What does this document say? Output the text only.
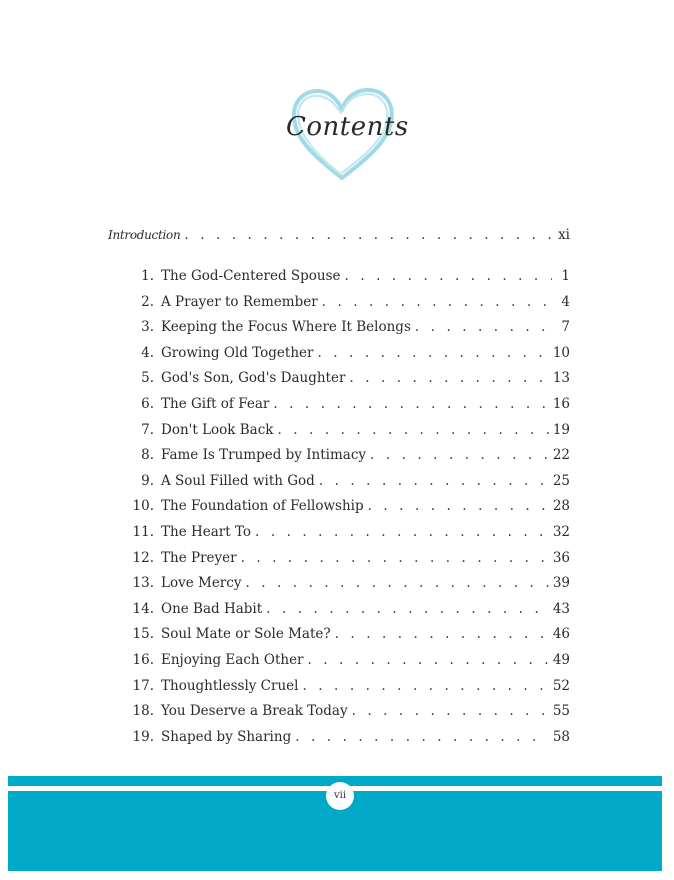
Contents
Introduction . . .	xi
1. The God-Centered Spouse . . .	1
2. A Prayer to Remember . . .	4
3. Keeping the Focus Where It Belongs . . .	7
4. Growing Old Together . . .	10
5. God's Son, God's Daughter . . .	13
6. The Gift of Fear . . .	16
7. Don't Look Back . . .	19
8. Fame Is Trumped by Intimacy . . .	22
9. A Soul Filled with God . . .	25
10. The Foundation of Fellowship . . .	28
11. The Heart To . . .	32
12. The Preyer . . .	36
13. Love Mercy . . .	39
14. One Bad Habit . . .	43
15. Soul Mate or Sole Mate? . . .	46
16. Enjoying Each Other . . .	49
17. Thoughtlessly Cruel . . .	52
18. You Deserve a Break Today . . .	55
19. Shaped by Sharing . . .	58
vii
